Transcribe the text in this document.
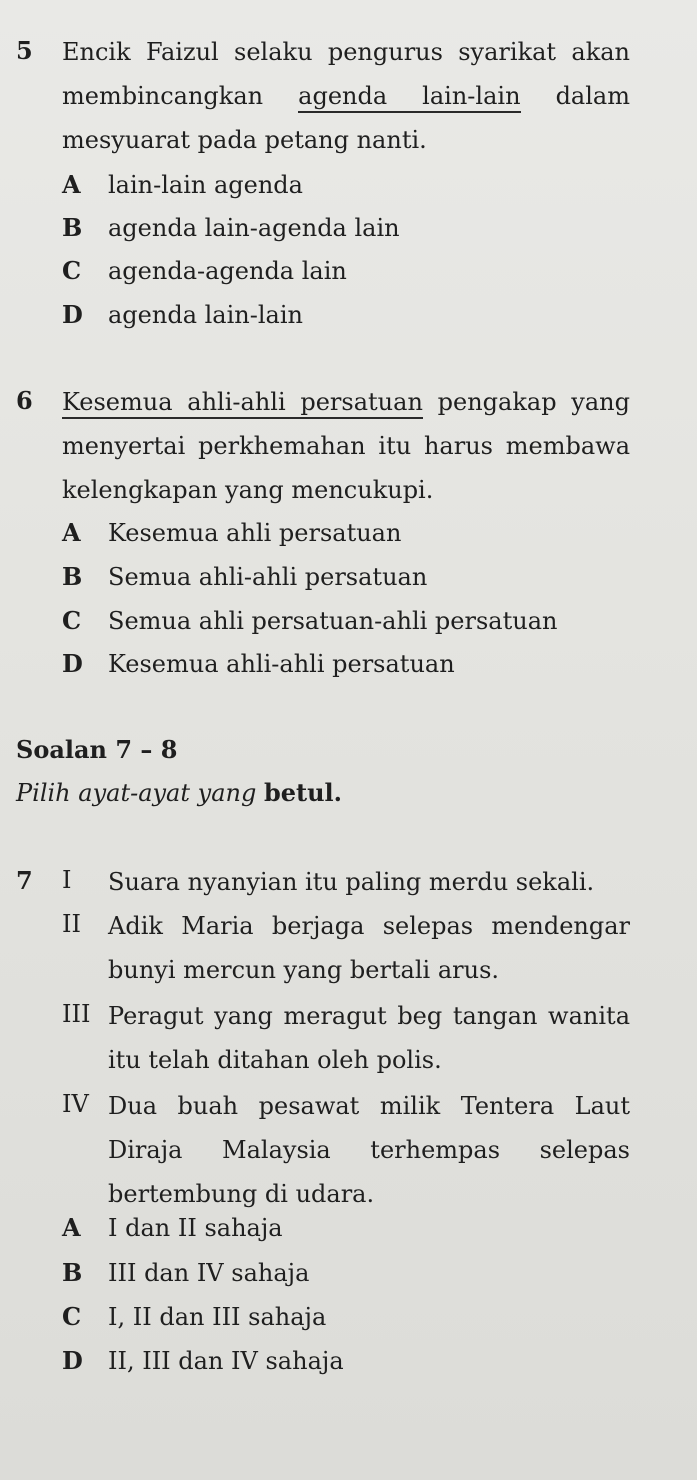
5 Encik Faizul selaku pengurus syarikat akan membincangkan agenda lain-lain dalam mesyuarat pada petang nanti.
A lain-lain agenda
B agenda lain-agenda lain
C agenda-agenda lain
D agenda lain-lain
6 Kesemua ahli-ahli persatuan pengakap yang menyertai perkhemahan itu harus membawa kelengkapan yang mencukupi.
A Kesemua ahli persatuan
B Semua ahli-ahli persatuan
C Semua ahli persatuan-ahli persatuan
D Kesemua ahli-ahli persatuan
Soalan 7 – 8
Pilih ayat-ayat yang betul.
7 I Suara nyanyian itu paling merdu sekali.
II Adik Maria berjaga selepas mendengar bunyi mercun yang bertali arus.
III Peragut yang meragut beg tangan wanita itu telah ditahan oleh polis.
IV Dua buah pesawat milik Tentera Laut Diraja Malaysia terhempas selepas bertembung di udara.
A I dan II sahaja
B III dan IV sahaja
C I, II dan III sahaja
D II, III dan IV sahaja
